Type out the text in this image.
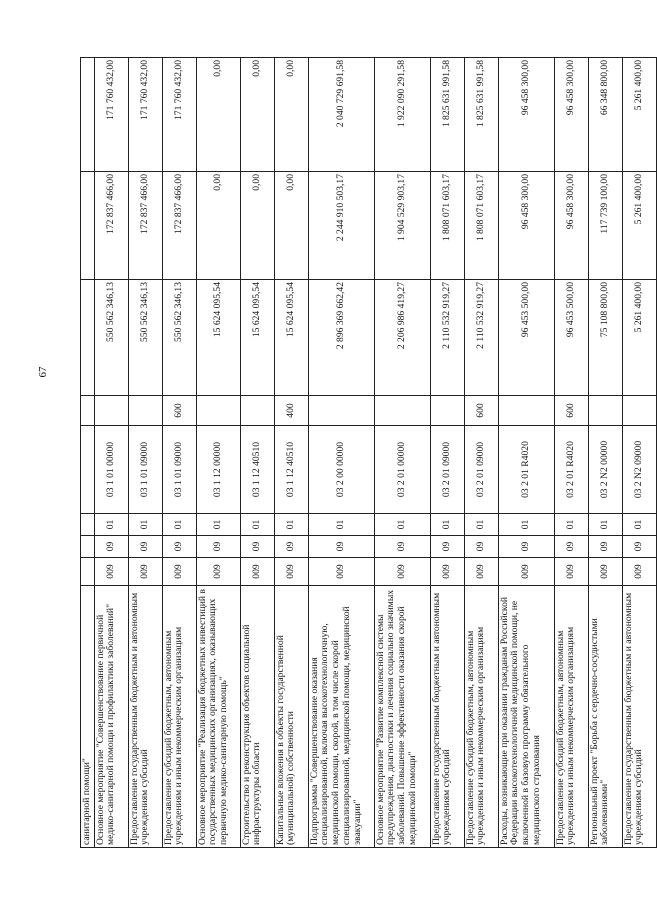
67
санитарной помощи"								
Основное мероприятие "Совершенствование первичной медико-санитарной помощи и профилактики заболеваний"	009	09	01	03 1 01 00000		550 562 346,13	172 837 466,00	171 760 432,00
Предоставление государственным бюджетным и автономным учреждениям субсидий	009	09	01	03 1 01 09000		550 562 346,13	172 837 466,00	171 760 432,00
Предоставление субсидий бюджетным, автономным учреждениям и иным некоммерческим организациям	009	09	01	03 1 01 09000	600	550 562 346,13	172 837 466,00	171 760 432,00
Основное мероприятие "Реализация бюджетных инвестиций в государственных медицинских организациях, оказывающих первичную медико-санитарную помощь"	009	09	01	03 1 12 00000		15 624 095,54	0,00	0,00
Строительство и реконструкция объектов социальной инфраструктуры области	009	09	01	03 1 12 40510		15 624 095,54	0,00	0,00
Капитальные вложения в объекты государственной (муниципальной) собственности	009	09	01	03 1 12 40510	400	15 624 095,54	0,00	0,00
Подпрограмма "Совершенствование оказания специализированной, включая высокотехнологичную, медицинской помощи, скорой, в том числе скорой специализированной, медицинской помощи, медицинской эвакуации"	009	09	01	03 2 00 00000		2 896 369 662,42	2 244 910 503,17	2 040 729 691,58
Основное мероприятие "Развитие комплексной системы предупреждения, диагностики и лечения социально значимых заболеваний. Повышение эффективности оказания скорой медицинской помощи"	009	09	01	03 2 01 00000		2 206 986 419,27	1 904 529 903,17	1 922 090 291,58
Предоставление государственным бюджетным и автономным учреждениям субсидий	009	09	01	03 2 01 09000		2 110 532 919,27	1 808 071 603,17	1 825 631 991,58
Предоставление субсидий бюджетным, автономным учреждениям и иным некоммерческим организациям	009	09	01	03 2 01 09000	600	2 110 532 919,27	1 808 071 603,17	1 825 631 991,58
Расходы, возникающие при оказании гражданам Российской Федерации высокотехнологичной медицинской помощи, не включенной в базовую программу обязательного медицинского страхования	009	09	01	03 2 01 R4020		96 453 500,00	96 458 300,00	96 458 300,00
Предоставление субсидий бюджетным, автономным учреждениям и иным некоммерческим организациям	009	09	01	03 2 01 R4020	600	96 453 500,00	96 458 300,00	96 458 300,00
Региональный проект "Борьба с сердечно-сосудистыми заболеваниями"	009	09	01	03 2 N2 00000		75 108 800,00	117 739 100,00	66 348 800,00
Предоставление государственным бюджетным и автономным учреждениям субсидий	009	09	01	03 2 N2 09000		5 261 400,00	5 261 400,00	5 261 400,00
